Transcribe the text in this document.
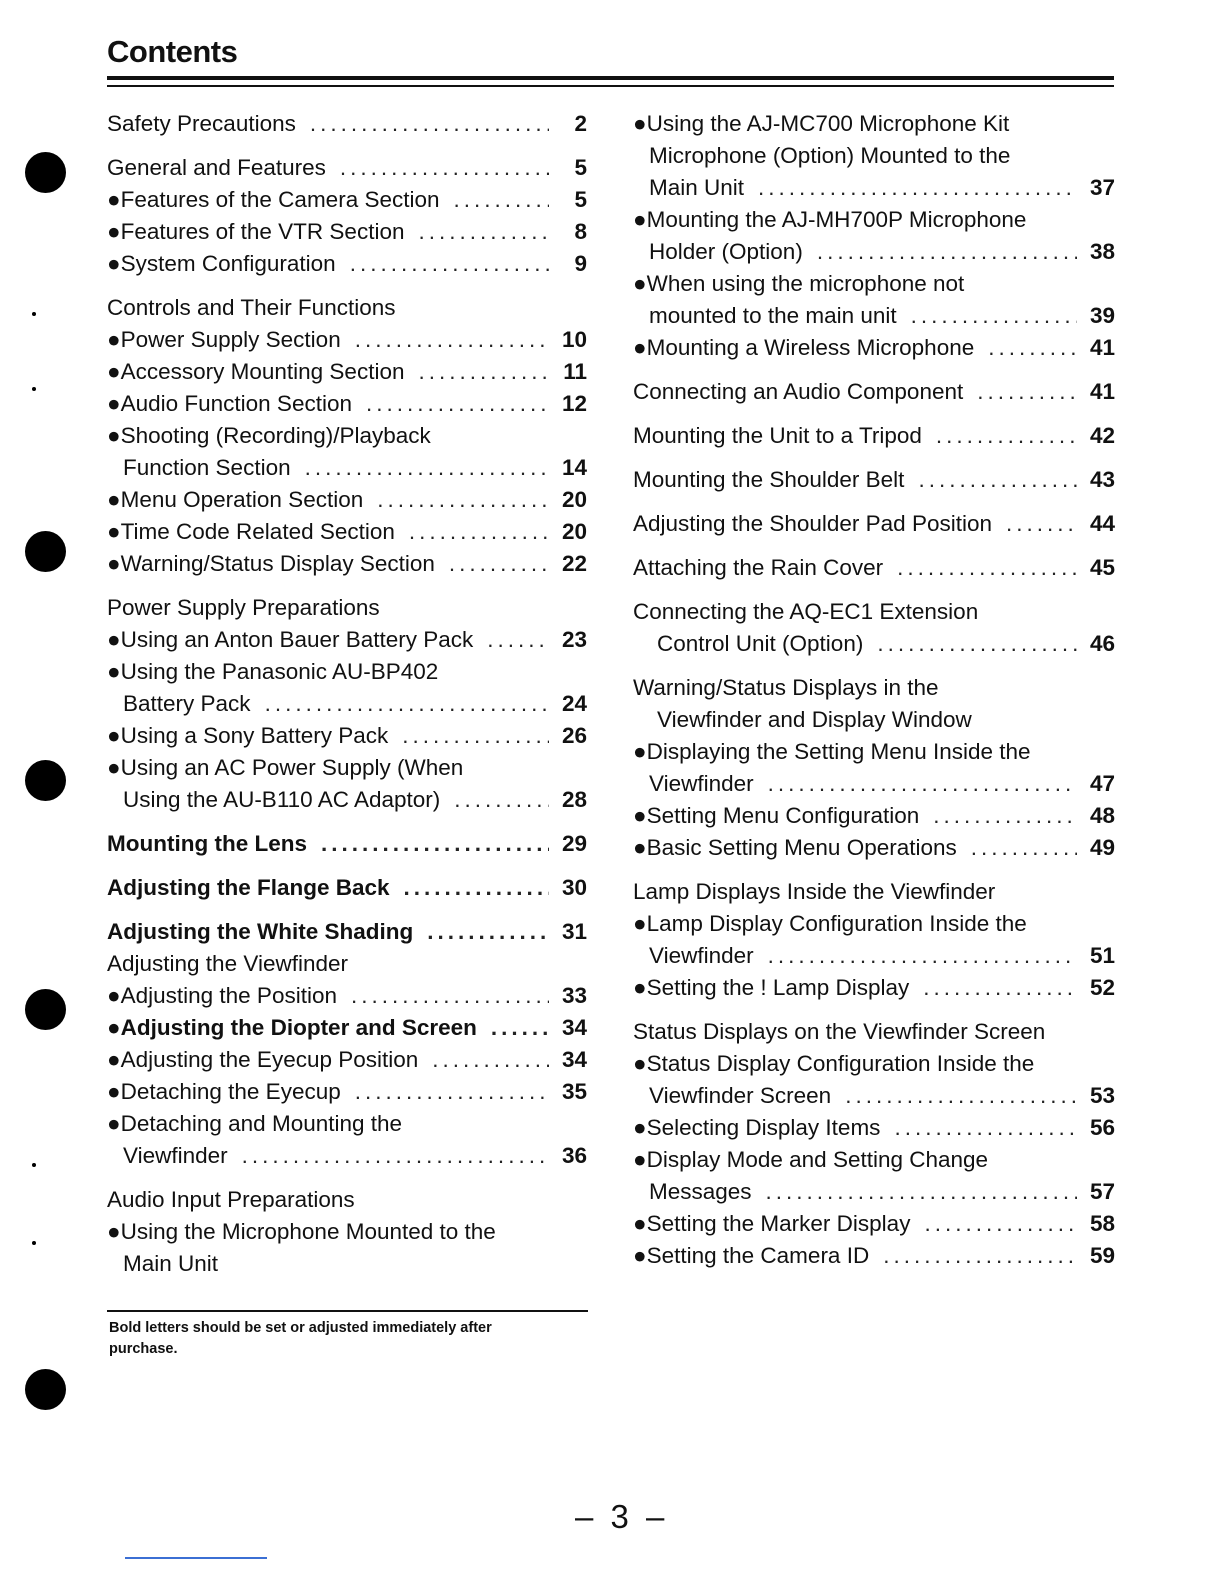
Contents
Safety Precautions .....	2
General and Features .....	5
●Features of the Camera Section .....	5
●Features of the VTR Section .....	8
●System Configuration .....	9
Controls and Their Functions
●Power Supply Section .....	10
●Accessory Mounting Section .....	11
●Audio Function Section .....	12
●Shooting (Recording)/Playback
Function Section .....	14
●Menu Operation Section .....	20
●Time Code Related Section .....	20
●Warning/Status Display Section .....	22
Power Supply Preparations
●Using an Anton Bauer Battery Pack .....	23
●Using the Panasonic AU-BP402
Battery Pack .....	24
●Using a Sony Battery Pack .....	26
●Using an AC Power Supply (When
Using the AU-B110 AC Adaptor) .....	28
Mounting the Lens .....	29
Adjusting the Flange Back .....	30
Adjusting the White Shading .....	31
Adjusting the Viewfinder
●Adjusting the Position .....	33
●Adjusting the Diopter and Screen .....	34
●Adjusting the Eyecup Position .....	34
●Detaching the Eyecup .....	35
●Detaching and Mounting the
Viewfinder .....	36
Audio Input Preparations
●Using the Microphone Mounted to the
Main Unit
●Using the AJ-MC700 Microphone Kit
Microphone (Option) Mounted to the
Main Unit .....	37
●Mounting the AJ-MH700P Microphone
Holder (Option) .....	38
●When using the microphone not
mounted to the main unit .....	39
●Mounting a Wireless Microphone .....	41
Connecting an Audio Component .....	41
Mounting the Unit to a Tripod .....	42
Mounting the Shoulder Belt .....	43
Adjusting the Shoulder Pad Position .....	44
Attaching the Rain Cover .....	45
Connecting the AQ-EC1 Extension
Control Unit (Option) .....	46
Warning/Status Displays in the
Viewfinder and Display Window
●Displaying the Setting Menu Inside the
Viewfinder .....	47
●Setting Menu Configuration .....	48
●Basic Setting Menu Operations .....	49
Lamp Displays Inside the Viewfinder
●Lamp Display Configuration Inside the
Viewfinder .....	51
●Setting the ! Lamp Display .....	52
Status Displays on the Viewfinder Screen
●Status Display Configuration Inside the
Viewfinder Screen .....	53
●Selecting Display Items .....	56
●Display Mode and Setting Change
Messages .....	57
●Setting the Marker Display .....	58
●Setting the Camera ID .....	59
Bold letters should be set or adjusted immediately after purchase.
– 3 –
